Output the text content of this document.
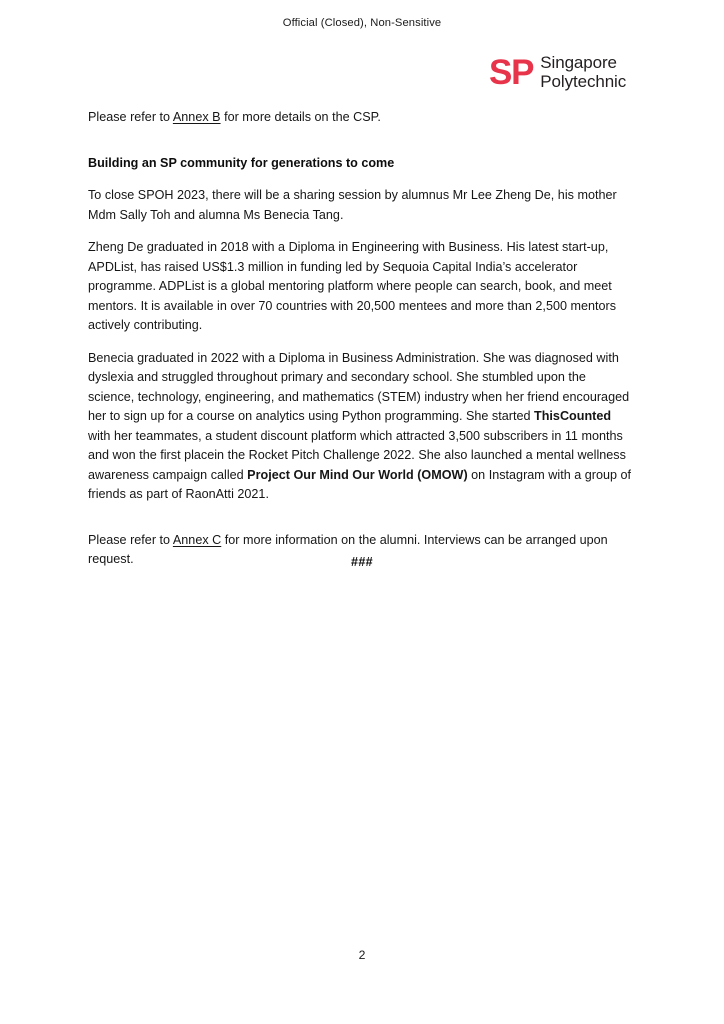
Official (Closed), Non-Sensitive
SP Singapore
Polytechnic

Please refer to Annex B for more details on the CSP.

Building an SP community for generations to come

To close SPOH 2023, there will be a sharing session by alumnus Mr Lee Zheng De, his mother Mdm Sally Toh and alumna Ms Benecia Tang.

Zheng De graduated in 2018 with a Diploma in Engineering with Business. His latest start-up, APDList, has raised US$1.3 million in funding led by Sequoia Capital India’s accelerator programme. ADPList is a global mentoring platform where people can search, book, and meet mentors. It is available in over 70 countries with 20,500 mentees and more than 2,500 mentors actively contributing.

Benecia graduated in 2022 with a Diploma in Business Administration. She was diagnosed with dyslexia and struggled throughout primary and secondary school. She stumbled upon the science, technology, engineering, and mathematics (STEM) industry when her friend encouraged her to sign up for a course on analytics using Python programming. She started ThisCounted with her teammates, a student discount platform which attracted 3,500 subscribers in 11 months and won the first placein the Rocket Pitch Challenge 2022. She also launched a mental wellness awareness campaign called Project Our Mind Our World (OMOW) on Instagram with a group of friends as part of RaonAtti 2021.

Please refer to Annex C for more information on the alumni. Interviews can be arranged upon request.	###
2
